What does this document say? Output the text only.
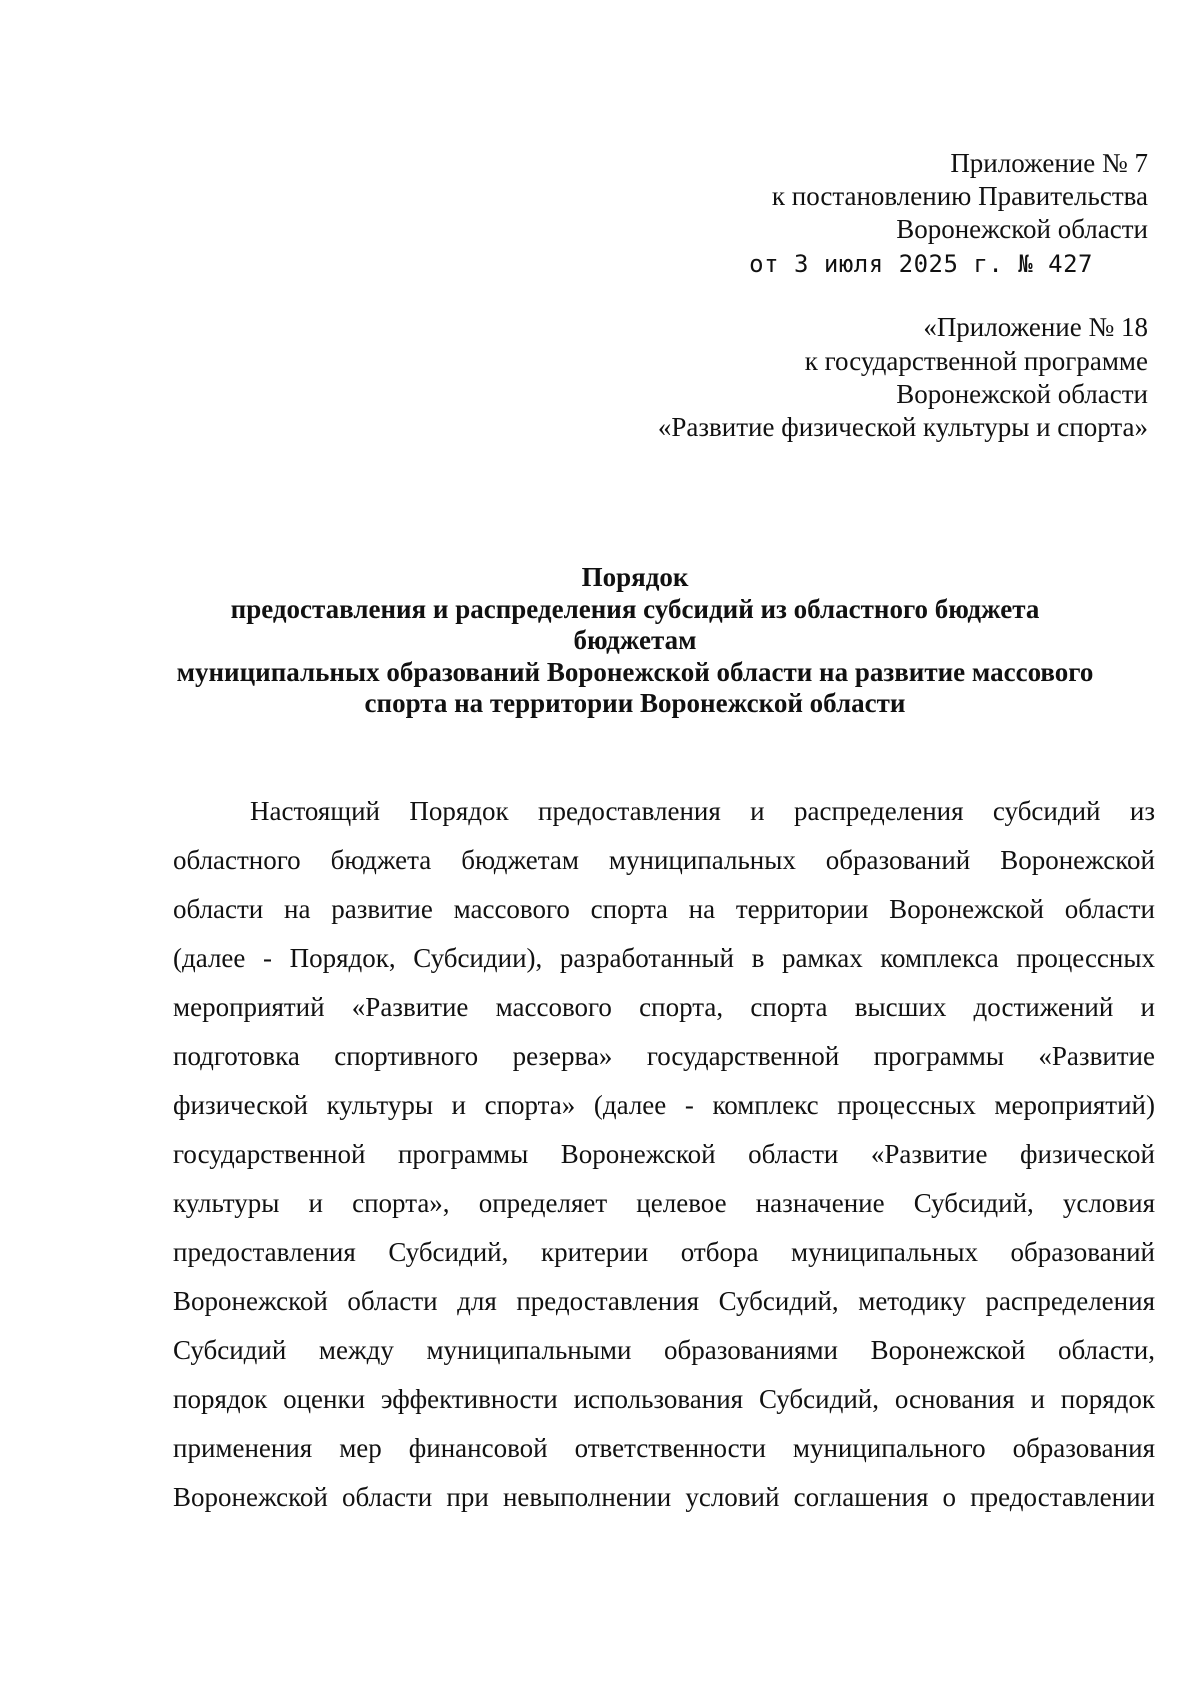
Приложение № 7
к постановлению Правительства
Воронежской области
от 3 июля 2025 г. № 427
«Приложение № 18
к государственной программе
Воронежской области
«Развитие физической культуры и спорта»
Порядок
предоставления и распределения субсидий из областного бюджета
бюджетам
муниципальных образований Воронежской области на развитие массового
спорта на территории Воронежской области
Настоящий Порядок предоставления и распределения субсидий из
областного бюджета бюджетам муниципальных образований Воронежской
области на развитие массового спорта на территории Воронежской области
(далее - Порядок, Субсидии), разработанный в рамках комплекса процессных
мероприятий «Развитие массового спорта, спорта высших достижений и
подготовка спортивного резерва» государственной программы «Развитие
физической культуры и спорта» (далее - комплекс процессных мероприятий)
государственной программы Воронежской области «Развитие физической
культуры и спорта», определяет целевое назначение Субсидий, условия
предоставления Субсидий, критерии отбора муниципальных образований
Воронежской области для предоставления Субсидий, методику распределения
Субсидий между муниципальными образованиями Воронежской области,
порядок оценки эффективности использования Субсидий, основания и порядок
применения мер финансовой ответственности муниципального образования
Воронежской области при невыполнении условий соглашения о предоставлении
